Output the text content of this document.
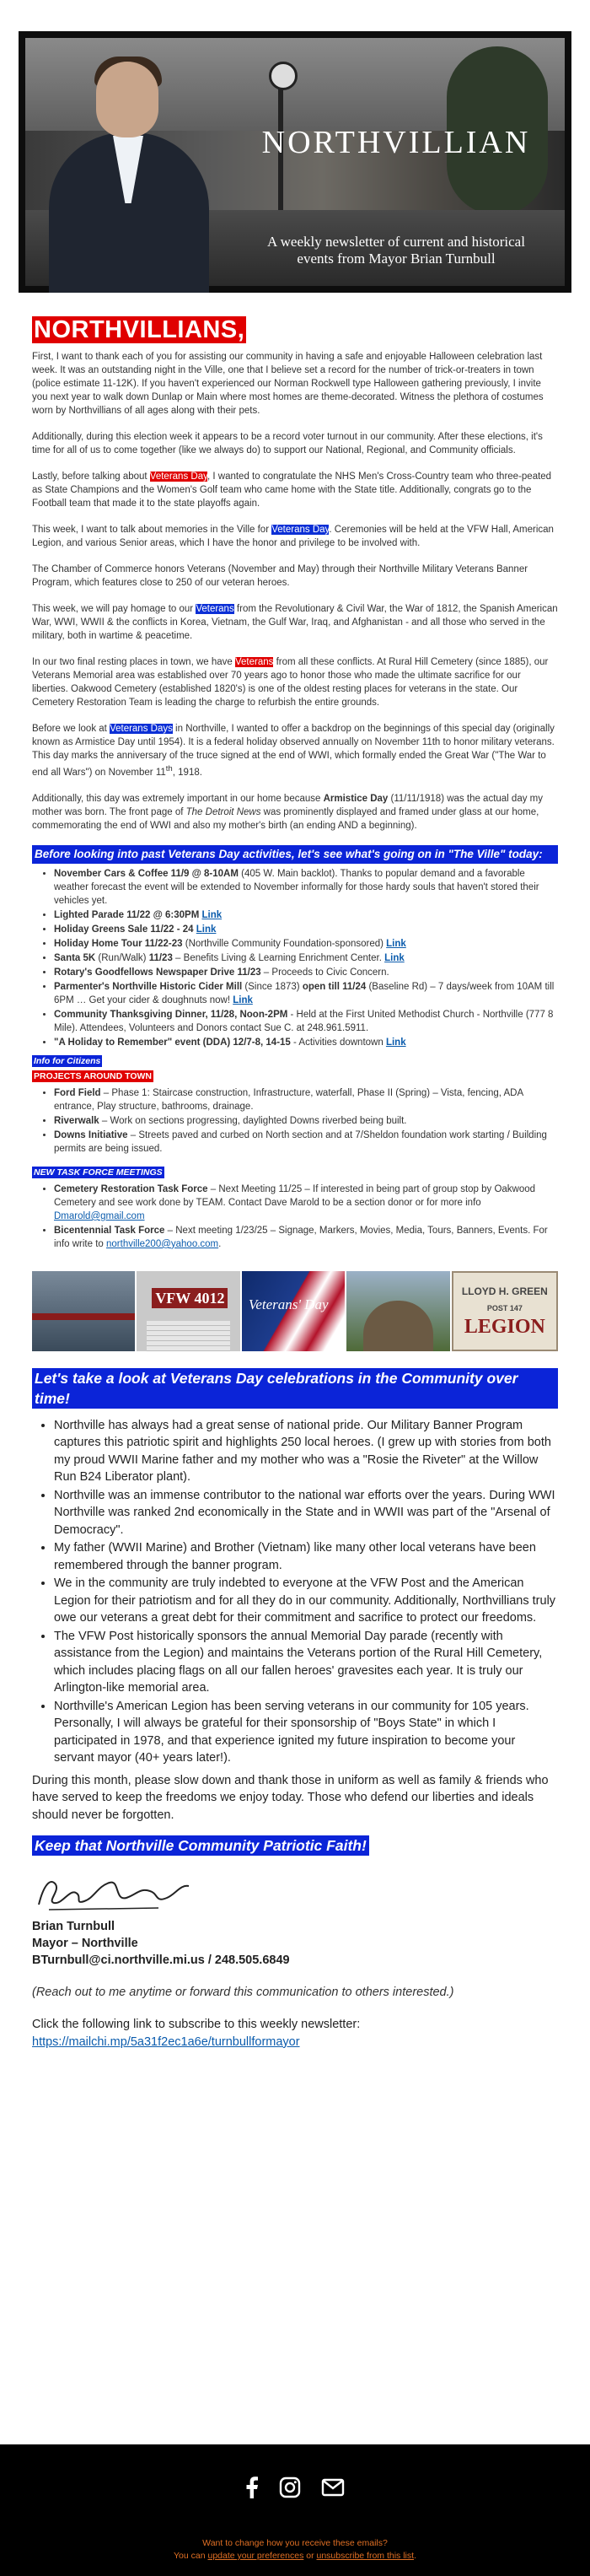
NORTHVILLIAN
A weekly newsletter of current and historical
events from Mayor Brian Turnbull
NORTHVILLIANS,

First, I want to thank each of you for assisting our community in having a safe and enjoyable Halloween celebration last week. It was an outstanding night in the Ville, one that I believe set a record for the number of trick-or-treaters in town (police estimate 11-12K). If you haven't experienced our Norman Rockwell type Halloween gathering previously, I invite you next year to walk down Dunlap or Main where most homes are theme-decorated. Witness the plethora of costumes worn by Northvillians of all ages along with their pets.

Additionally, during this election week it appears to be a record voter turnout in our community. After these elections, it's time for all of us to come together (like we always do) to support our National, Regional, and Community officials.

Lastly, before talking about Veterans Day, I wanted to congratulate the NHS Men's Cross-Country team who three-peated as State Champions and the Women's Golf team who came home with the State title. Additionally, congrats go to the Football team that made it to the state playoffs again.

This week, I want to talk about memories in the Ville for Veterans Day. Ceremonies will be held at the VFW Hall, American Legion, and various Senior areas, which I have the honor and privilege to be involved with.

The Chamber of Commerce honors Veterans (November and May) through their Northville Military Veterans Banner Program, which features close to 250 of our veteran heroes.

This week, we will pay homage to our Veterans from the Revolutionary & Civil War, the War of 1812, the Spanish American War, WWI, WWII & the conflicts in Korea, Vietnam, the Gulf War, Iraq, and Afghanistan - and all those who served in the military, both in wartime & peacetime.

In our two final resting places in town, we have Veterans from all these conflicts. At Rural Hill Cemetery (since 1885), our Veterans Memorial area was established over 70 years ago to honor those who made the ultimate sacrifice for our liberties. Oakwood Cemetery (established 1820's) is one of the oldest resting places for veterans in the state. Our Cemetery Restoration Team is leading the charge to refurbish the entire grounds.

Before we look at Veterans Days in Northville, I wanted to offer a backdrop on the beginnings of this special day (originally known as Armistice Day until 1954). It is a federal holiday observed annually on November 11th to honor military veterans. This day marks the anniversary of the truce signed at the end of WWI, which formally ended the Great War ("The War to end all Wars") on November 11th, 1918.

Additionally, this day was extremely important in our home because Armistice Day (11/11/1918) was the actual day my mother was born. The front page of The Detroit News was prominently displayed and framed under glass at our home, commemorating the end of WWI and also my mother's birth (an ending AND a beginning).

Before looking into past Veterans Day activities, let's see what's going on in "The Ville" today:
• November Cars & Coffee 11/9 @ 8-10AM (405 W. Main backlot). Thanks to popular demand and a favorable weather forecast the event will be extended to November informally for those hardy souls that haven't stored their vehicles yet.
• Lighted Parade 11/22 @ 6:30PM Link
• Holiday Greens Sale 11/22 - 24 Link
• Holiday Home Tour 11/22-23 (Northville Community Foundation-sponsored) Link
• Santa 5K (Run/Walk) 11/23 – Benefits Living & Learning Enrichment Center. Link
• Rotary's Goodfellows Newspaper Drive 11/23 – Proceeds to Civic Concern.
• Parmenter's Northville Historic Cider Mill (Since 1873) open till 11/24 (Baseline Rd) – 7 days/week from 10AM till 6PM … Get your cider & doughnuts now! Link
• Community Thanksgiving Dinner, 11/28, Noon-2PM - Held at the First United Methodist Church - Northville (777 8 Mile). Attendees, Volunteers and Donors contact Sue C. at 248.961.5911.
• "A Holiday to Remember" event (DDA) 12/7-8, 14-15 - Activities downtown Link
Info for Citizens
PROJECTS AROUND TOWN
• Ford Field – Phase 1: Staircase construction, Infrastructure, waterfall, Phase II (Spring) – Vista, fencing, ADA entrance, Play structure, bathrooms, drainage.
• Riverwalk – Work on sections progressing, daylighted Downs riverbed being built.
• Downs Initiative – Streets paved and curbed on North section and at 7/Sheldon foundation work starting / Building permits are being issued.
NEW TASK FORCE MEETINGS
• Cemetery Restoration Task Force – Next Meeting 11/25 – If interested in being part of group stop by Oakwood Cemetery and see work done by TEAM. Contact Dave Marold to be a section donor or for more info Dmarold@gmail.com
• Bicentennial Task Force – Next meeting 1/23/25 – Signage, Markers, Movies, Media, Tours, Banners, Events. For info write to northville200@yahoo.com.
VFW 4012 Veterans' Day
LLOYD H. GREEN
POST 147
LEGION
Let's take a look at Veterans Day celebrations in the Community over time!
• Northville has always had a great sense of national pride. Our Military Banner Program captures this patriotic spirit and highlights 250 local heroes. (I grew up with stories from both my proud WWII Marine father and my mother who was a "Rosie the Riveter" at the Willow Run B24 Liberator plant).
• Northville was an immense contributor to the national war efforts over the years. During WWI Northville was ranked 2nd economically in the State and in WWII was part of the "Arsenal of Democracy".
• My father (WWII Marine) and Brother (Vietnam) like many other local veterans have been remembered through the banner program.
• We in the community are truly indebted to everyone at the VFW Post and the American Legion for their patriotism and for all they do in our community. Additionally, Northvillians truly owe our veterans a great debt for their commitment and sacrifice to protect our freedoms.
• The VFW Post historically sponsors the annual Memorial Day parade (recently with assistance from the Legion) and maintains the Veterans portion of the Rural Hill Cemetery, which includes placing flags on all our fallen heroes' gravesites each year. It is truly our Arlington-like memorial area.
• Northville's American Legion has been serving veterans in our community for 105 years. Personally, I will always be grateful for their sponsorship of "Boys State" in which I participated in 1978, and that experience ignited my future inspiration to become your servant mayor (40+ years later!).

During this month, please slow down and thank those in uniform as well as family & friends who have served to keep the freedoms we enjoy today. Those who defend our liberties and ideals should never be forgotten.

Keep that Northville Community Patriotic Faith!
Brian Turnbull
Brian Turnbull
Mayor – Northville
BTurnbull@ci.northville.mi.us / 248.505.6849
(Reach out to me anytime or forward this communication to others interested.)
Click the following link to subscribe to this weekly newsletter:
https://mailchi.mp/5a31f2ec1a6e/turnbullformayor

Want to change how you receive these emails?
You can update your preferences or unsubscribe from this list.
